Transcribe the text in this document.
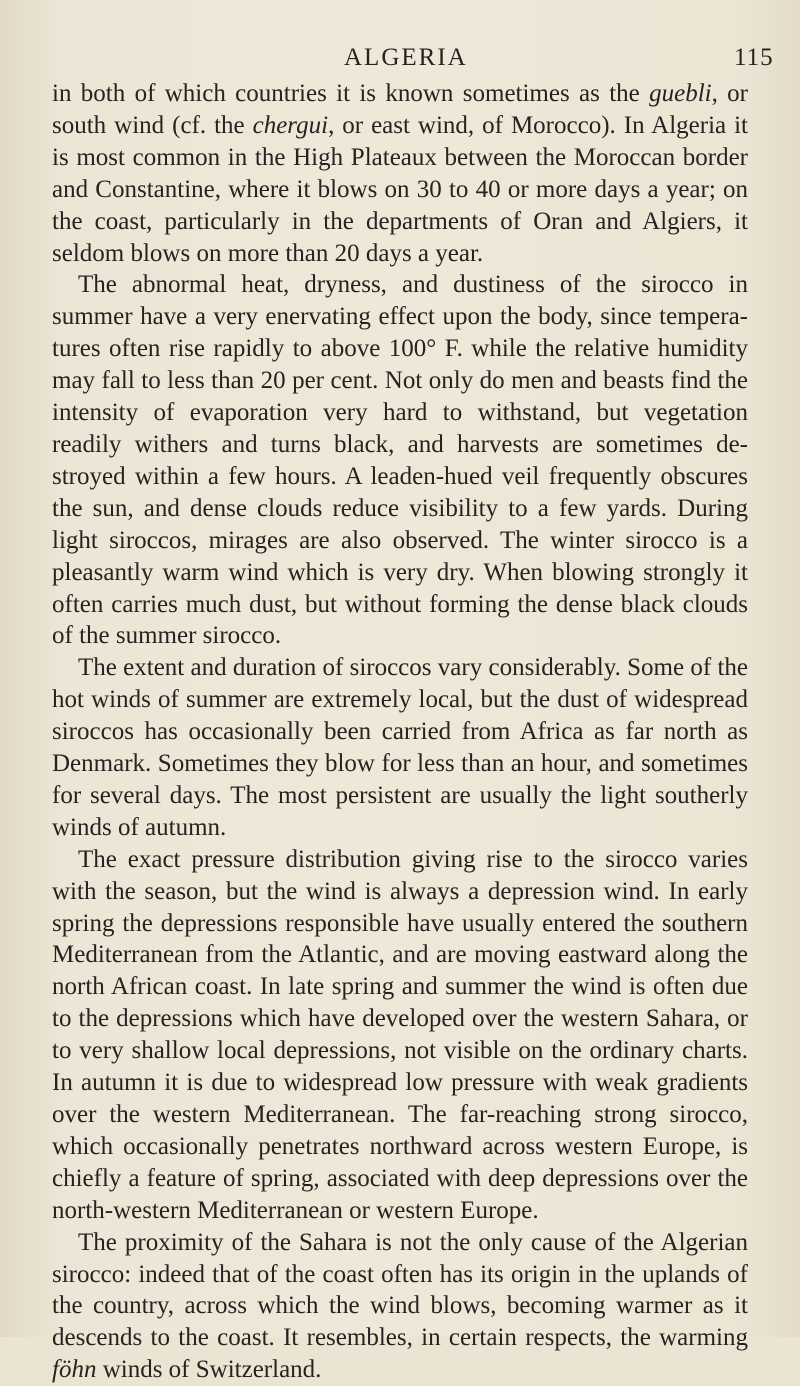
ALGERIA	115

in both of which countries it is known sometimes as the guebli, or south wind (cf. the chergui, or east wind, of Morocco). In Algeria it is most common in the High Plateaux between the Moroccan border and Constantine, where it blows on 30 to 40 or more days a year; on the coast, particularly in the departments of Oran and Algiers, it seldom blows on more than 20 days a year.

The abnormal heat, dryness, and dustiness of the sirocco in summer have a very enervating effect upon the body, since tempera-tures often rise rapidly to above 100° F. while the relative humidity may fall to less than 20 per cent. Not only do men and beasts find the intensity of evaporation very hard to withstand, but vegetation readily withers and turns black, and harvests are sometimes de-stroyed within a few hours. A leaden-hued veil frequently obscures the sun, and dense clouds reduce visibility to a few yards. During light siroccos, mirages are also observed. The winter sirocco is a pleasantly warm wind which is very dry. When blowing strongly it often carries much dust, but without forming the dense black clouds of the summer sirocco.

The extent and duration of siroccos vary considerably. Some of the hot winds of summer are extremely local, but the dust of widespread siroccos has occasionally been carried from Africa as far north as Denmark. Sometimes they blow for less than an hour, and sometimes for several days. The most persistent are usually the light southerly winds of autumn.

The exact pressure distribution giving rise to the sirocco varies with the season, but the wind is always a depression wind. In early spring the depressions responsible have usually entered the southern Mediterranean from the Atlantic, and are moving eastward along the north African coast. In late spring and summer the wind is often due to the depressions which have developed over the western Sahara, or to very shallow local depressions, not visible on the ordinary charts. In autumn it is due to widespread low pressure with weak gradients over the western Mediterranean. The far-reaching strong sirocco, which occasionally penetrates northward across western Europe, is chiefly a feature of spring, associated with deep depressions over the north-western Mediterranean or western Europe.

The proximity of the Sahara is not the only cause of the Algerian sirocco: indeed that of the coast often has its origin in the uplands of the country, across which the wind blows, becoming warmer as it descends to the coast. It resembles, in certain respects, the warming föhn winds of Switzerland.
